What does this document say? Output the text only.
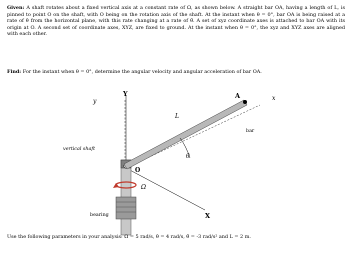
Given: A shaft rotates about a fixed vertical axis at a constant rate of Ω, as shown below. A straight bar OA, having a length of L, is pinned to point O on the shaft, with O being on the rotation axis of the shaft. At the instant when θ = 0°, bar OA is being raised at a rate of θ̇ from the horizontal plane, with this rate changing at a rate of θ̈. A set of xyz coordinate axes is attached to bar OA with its origin at O. A second set of coordinate axes, XYZ, are fixed to ground. At the instant when θ = 0°, the xyz and XYZ axes are aligned with each other.
Find: For the instant when θ = 0°, determine the angular velocity and angular acceleration of bar OA.
y
Y
L
A	x
θ
bar
vertical shaft
O
Ω
bearing	X
Use the following parameters in your analysis: Ω = 5 rad/s, θ̇ = 4 rad/s, θ̈ = -3 rad/s² and L = 2 m.
